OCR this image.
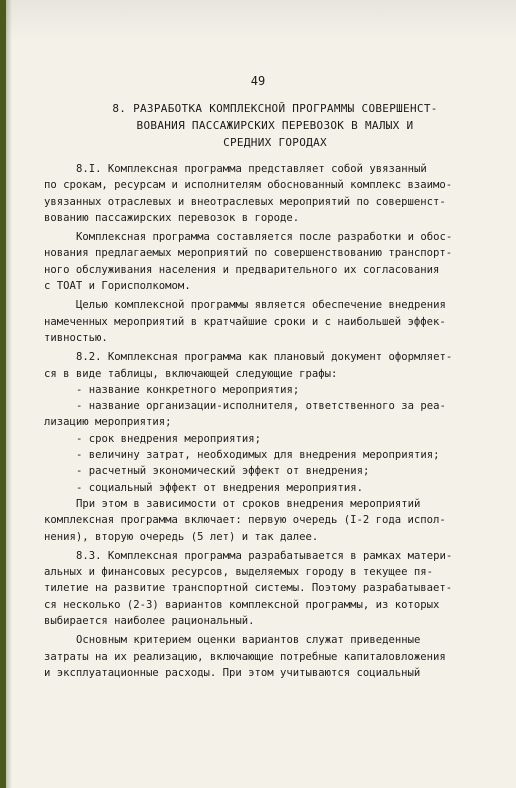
49
8. РАЗРАБОТКА КОМПЛЕКСНОЙ ПРОГРАММЫ СОВЕРШЕНСТ-
ВОВАНИЯ ПАССАЖИРСКИХ ПЕРЕВОЗОК В МАЛЫХ И
СРЕДНИХ ГОРОДАХ
8.I. Комплексная программа представляет собой увязанный
по срокам, ресурсам и исполнителям обоснованный комплекс взаимо-
увязанных отраслевых и внеотраслевых мероприятий по совершенст-
вованию пассажирских перевозок в городе.
Комплексная программа составляется после разработки и обос-
нования предлагаемых мероприятий по совершенствованию транспорт-
ного обслуживания населения и предварительного их согласования
с ТОАТ и Горисполкомом.
Целью комплексной программы является обеспечение внедрения
намеченных мероприятий в кратчайшие сроки и с наибольшей эффек-
тивностью.
8.2. Комплексная программа как плановый документ оформляет-
ся в виде таблицы, включающей следующие графы:
- название конкретного мероприятия;
- название организации-исполнителя, ответственного за реа-
лизацию мероприятия;
- срок внедрения мероприятия;
- величину затрат, необходимых для внедрения мероприятия;
- расчетный экономический эффект от внедрения;
- социальный эффект от внедрения мероприятия.
При этом в зависимости от сроков внедрения мероприятий
комплексная программа включает: первую очередь (I-2 года испол-
нения), вторую очередь (5 лет) и так далее.
8.3. Комплексная программа разрабатывается в рамках матери-
альных и финансовых ресурсов, выделяемых городу в текущее пя-
тилетие на развитие транспортной системы. Поэтому разрабатывает-
ся несколько (2-3) вариантов комплексной программы, из которых
выбирается наиболее рациональный.
Основным критерием оценки вариантов служат приведенные
затраты на их реализацию, включающие потребные капиталовложения
и эксплуатационные расходы. При этом учитываются социальный
